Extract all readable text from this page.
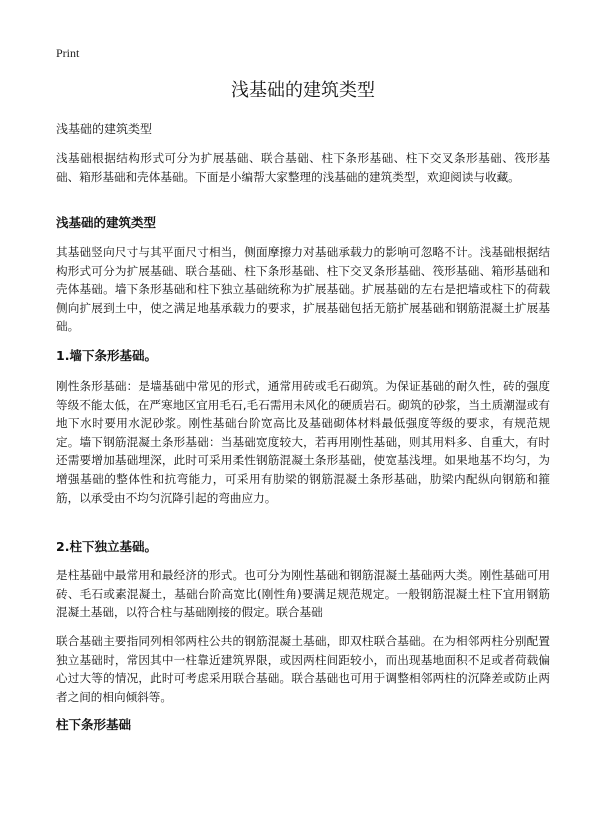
Print
浅基础的建筑类型
浅基础的建筑类型

浅基础根据结构形式可分为扩展基础、联合基础、柱下条形基础、柱下交叉条形基础、筏形基础、箱形基础和壳体基础。下面是小编帮大家整理的浅基础的建筑类型，欢迎阅读与收藏。

浅基础的建筑类型

其基础竖向尺寸与其平面尺寸相当，侧面摩擦力对基础承载力的影响可忽略不计。浅基础根据结构形式可分为扩展基础、联合基础、柱下条形基础、柱下交叉条形基础、筏形基础、箱形基础和壳体基础。墙下条形基础和柱下独立基础统称为扩展基础。扩展基础的左右是把墙或柱下的荷载侧向扩展到土中，使之满足地基承载力的要求，扩展基础包括无筋扩展基础和钢筋混凝土扩展基础。

1.墙下条形基础。

刚性条形基础：是墙基础中常见的形式，通常用砖或毛石砌筑。为保证基础的耐久性，砖的强度等级不能太低，在严寒地区宜用毛石,毛石需用未风化的硬质岩石。砌筑的砂浆，当土质潮湿或有地下水时要用水泥砂浆。刚性基础台阶宽高比及基础砌体材料最低强度等级的要求，有规范规定。墙下钢筋混凝土条形基础：当基础宽度较大，若再用刚性基础，则其用料多、自重大，有时还需要增加基础埋深，此时可采用柔性钢筋混凝土条形基础，使宽基浅埋。如果地基不均匀，为增强基础的整体性和抗弯能力，可采用有肋梁的钢筋混凝土条形基础，肋梁内配纵向钢筋和箍筋，以承受由不均匀沉降引起的弯曲应力。

2.柱下独立基础。

是柱基础中最常用和最经济的形式。也可分为刚性基础和钢筋混凝土基础两大类。刚性基础可用砖、毛石或素混凝土，基础台阶高宽比(刚性角)要满足规范规定。一般钢筋混凝土柱下宜用钢筋混凝土基础，以符合柱与基础刚接的假定。联合基础

联合基础主要指同列相邻两柱公共的钢筋混凝土基础，即双柱联合基础。在为相邻两柱分别配置独立基础时，常因其中一柱靠近建筑界限，或因两柱间距较小，而出现基地面积不足或者荷载偏心过大等的情况，此时可考虑采用联合基础。联合基础也可用于调整相邻两柱的沉降差或防止两者之间的相向倾斜等。

柱下条形基础
